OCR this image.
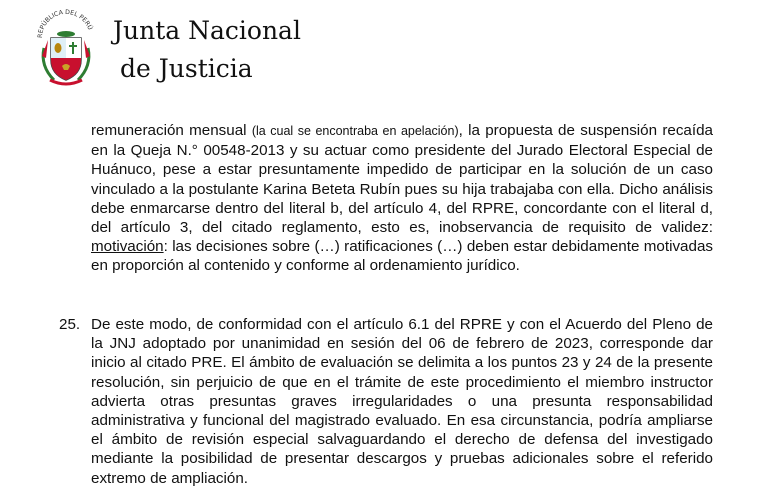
REPÚBLICA DEL PERÚ Junta Nacional
de Justicia
remuneración mensual (la cual se encontraba en apelación), la propuesta de suspensión recaída en la Queja N.° 00548-2013 y su actuar como presidente del Jurado Electoral Especial de Huánuco, pese a estar presuntamente impedido de participar en la solución de un caso vinculado a la postulante Karina Beteta Rubín pues su hija trabajaba con ella. Dicho análisis debe enmarcarse dentro del literal b, del artículo 4, del RPRE, concordante con el literal d, del artículo 3, del citado reglamento, esto es, inobservancia de requisito de validez: motivación: las decisiones sobre (…) ratificaciones (…) deben estar debidamente motivadas en proporción al contenido y conforme al ordenamiento jurídico.
25. De este modo, de conformidad con el artículo 6.1 del RPRE y con el Acuerdo del Pleno de la JNJ adoptado por unanimidad en sesión del 06 de febrero de 2023, corresponde dar inicio al citado PRE. El ámbito de evaluación se delimita a los puntos 23 y 24 de la presente resolución, sin perjuicio de que en el trámite de este procedimiento el miembro instructor advierta otras presuntas graves irregularidades o una presunta responsabilidad administrativa y funcional del magistrado evaluado. En esa circunstancia, podría ampliarse el ámbito de revisión especial salvaguardando el derecho de defensa del investigado mediante la posibilidad de presentar descargos y pruebas adicionales sobre el referido extremo de ampliación.
